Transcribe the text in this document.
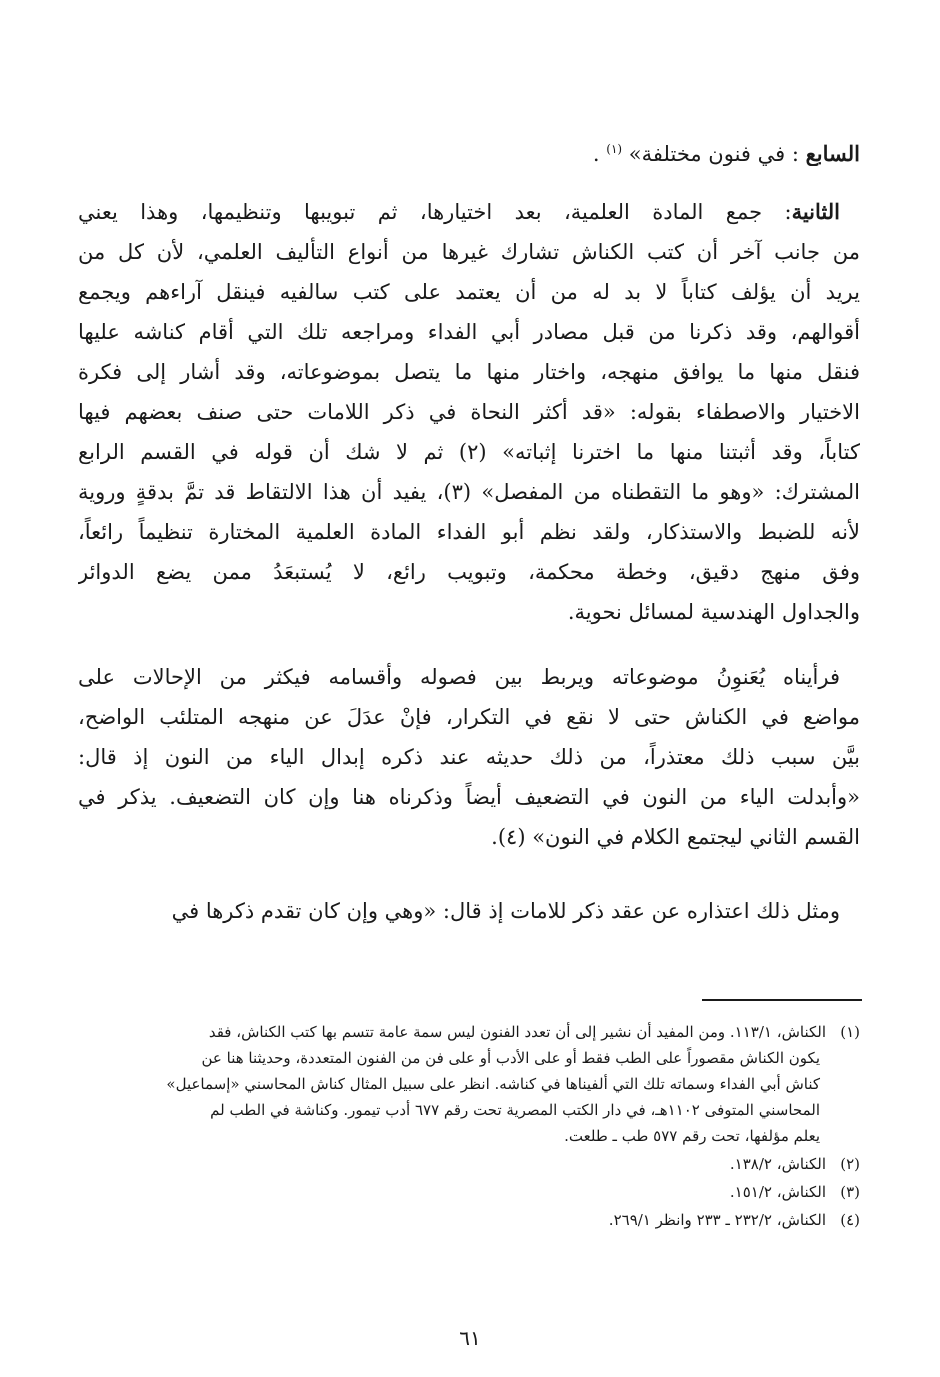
السابع : في فنون مختلفة» $^{(١)}$ .
الثانية: جمع المادة العلمية، بعد اختيارها، ثم تبويبها وتنظيمها، وهذا يعني
من جانب آخر أن كتب الكناش تشارك غيرها من أنواع التأليف العلمي، لأن كل من
يريد أن يؤلف كتاباً لا بد له من أن يعتمد على كتب سالفيه فينقل آراءهم ويجمع
أقوالهم، وقد ذكرنا من قبل مصادر أبي الفداء ومراجعه تلك التي أقام كناشه عليها
فنقل منها ما يوافق منهجه، واختار منها ما يتصل بموضوعاته، وقد أشار إلى فكرة
الاختيار والاصطفاء بقوله: «قد أكثر النحاة في ذكر اللامات حتى صنف بعضهم فيها
كتاباً، وقد أثبتنا منها ما اخترنا إثباته» (٢) ثم لا شك أن قوله في القسم الرابع
المشترك: «وهو ما التقطناه من المفصل» (٣)، يفيد أن هذا الالتقاط قد تمَّ بدقةٍ وروية
لأنه للضبط والاستذكار، ولقد نظم أبو الفداء المادة العلمية المختارة تنظيماً رائعاً،
وفق منهج دقيق، وخطة محكمة، وتبويب رائع، لا يُستبعَدُ ممن يضع الدوائر
والجداول الهندسية لمسائل نحوية.
فرأيناه يُعَنوِنُ موضوعاته ويربط بين فصوله وأقسامه فيكثر من الإحالات على
مواضع في الكناش حتى لا نقع في التكرار، فإنْ عدَلَ عن منهجه المتلئب الواضح،
بيَّن سبب ذلك معتذراً، من ذلك حديثه عند ذكره إبدال الياء من النون إذ قال:
«وأبدلت الياء من النون في التضعيف أيضاً وذكرناه هنا وإن كان التضعيف. يذكر في
القسم الثاني ليجتمع الكلام في النون» (٤).
ومثل ذلك اعتذاره عن عقد ذكر للامات إذ قال: «وهي وإن كان تقدم ذكرها في
(١)الكناش، ١١٣/١. ومن المفيد أن نشير إلى أن تعدد الفنون ليس سمة عامة تتسم بها كتب الكناش، فقد
يكون الكناش مقصوراً على الطب فقط أو على الأدب أو على فن من الفنون المتعددة، وحديثنا هنا عن
كناش أبي الفداء وسماته تلك التي ألفيناها في كناشه. انظر على سبيل المثال كناش المحاسني «إسماعيل»
المحاسني المتوفى ١١٠٢هـ، في دار الكتب المصرية تحت رقم ٦٧٧ أدب تيمور. وكناشة في الطب لم
يعلم مؤلفها، تحت رقم ٥٧٧ طب ـ طلعت.
(٢)الكناش، ١٣٨/٢.
(٣)الكناش، ١٥١/٢.
(٤)الكناش، ٢٣٢/٢ ـ ٢٣٣ وانظر ٢٦٩/١.
٦١
